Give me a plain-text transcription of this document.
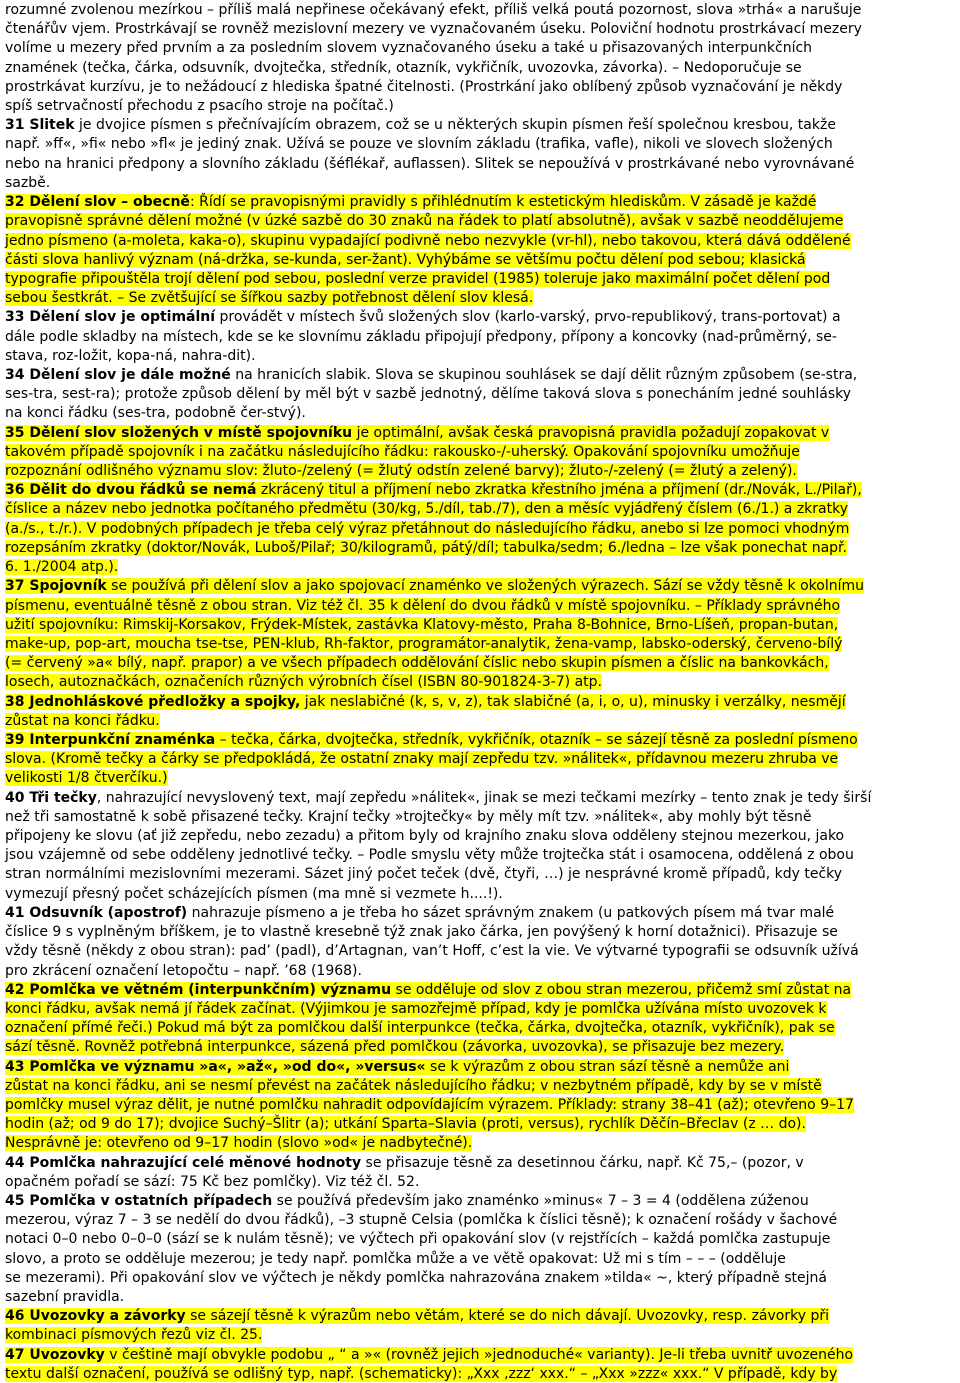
rozumné zvolenou mezírkou – příliš malá nepřinese očekávaný efekt, příliš velká poutá pozornost, slova »trhá« a narušuje
čtenářův vjem. Prostrkávají se rovněž mezislovní mezery ve vyznačovaném úseku. Poloviční hodnotu prostrkávací mezery
volíme u mezery před prvním a za posledním slovem vyznačovaného úseku a také u přisazovaných interpunkčních
znamének (tečka, čárka, odsuvník, dvojtečka, středník, otazník, vykřičník, uvozovka, závorka). – Nedoporučuje se
prostrkávat kurzívu, je to nežádoucí z hlediska špatné čitelnosti. (Prostrkání jako oblíbený způsob vyznačování je někdy
spíš setrvačností přechodu z psacího stroje na počítač.)
31 Slitek je dvojice písmen s přečnívajícím obrazem, což se u některých skupin písmen řeší společnou kresbou, takže
např. »ff«, »fi« nebo »fl« je jediný znak. Užívá se pouze ve slovním základu (trafika, vafle), nikoli ve slovech složených
nebo na hranici předpony a slovního základu (šéflékař, auflassen). Slitek se nepoužívá v prostrkávané nebo vyrovnávané
sazbě.
32 Dělení slov – obecně: Řídí se pravopisnými pravidly s přihlédnutím k estetickým hlediskům. V zásadě je každé
pravopisně správné dělení možné (v úzké sazbě do 30 znaků na řádek to platí absolutně), avšak v sazbě neoddělujeme
jedno písmeno (a-moleta, kaka-o), skupinu vypadající podivně nebo nezvykle (vr-hl), nebo takovou, která dává oddělené
části slova hanlivý význam (ná-držka, se-kunda, ser-žant). Vyhýbáme se většímu počtu dělení pod sebou; klasická
typografie připouštěla trojí dělení pod sebou, poslední verze pravidel (1985) toleruje jako maximální počet dělení pod
sebou šestkrát. – Se zvětšující se šířkou sazby potřebnost dělení slov klesá.
33 Dělení slov je optimální provádět v místech švů složených slov (karlo-varský, prvo-republikový, trans-portovat) a
dále podle skladby na místech, kde se ke slovnímu základu připojují předpony, přípony a koncovky (nad-průměrný, se-
stava, roz-ložit, kopa-ná, nahra-dit).
34 Dělení slov je dále možné na hranicích slabik. Slova se skupinou souhlásek se dají dělit různým způsobem (se-stra,
ses-tra, sest-ra); protože způsob dělení by měl být v sazbě jednotný, dělíme taková slova s ponecháním jedné souhlásky
na konci řádku (ses-tra, podobně čer-stvý).
35 Dělení slov složených v místě spojovníku je optimální, avšak česká pravopisná pravidla požadují zopakovat v
takovém případě spojovník i na začátku následujícího řádku: rakousko-/-uherský. Opakování spojovníku umožňuje
rozpoznání odlišného významu slov: žluto-/zelený (= žlutý odstín zelené barvy); žluto-/-zelený (= žlutý a zelený).
36 Dělit do dvou řádků se nemá zkrácený titul a příjmení nebo zkratka křestního jména a příjmení (dr./Novák, L./Pilař),
číslice a název nebo jednotka počítaného předmětu (30/kg, 5./díl, tab./7), den a měsíc vyjádřený číslem (6./1.) a zkratky
(a./s., t./r.). V podobných případech je třeba celý výraz přetáhnout do následujícího řádku, anebo si lze pomoci vhodným
rozepsáním zkratky (doktor/Novák, Luboš/Pilař; 30/kilogramů, pátý/díl; tabulka/sedm; 6./ledna – lze však ponechat např.
6. 1./2004 atp.).
37 Spojovník se používá při dělení slov a jako spojovací znaménko ve složených výrazech. Sází se vždy těsně k okolnímu
písmenu, eventuálně těsně z obou stran. Viz též čl. 35 k dělení do dvou řádků v místě spojovníku. – Příklady správného
užití spojovníku: Rimskij-Korsakov, Frýdek-Místek, zastávka Klatovy-město, Praha 8-Bohnice, Brno-Líšeň, propan-butan,
make-up, pop-art, moucha tse-tse, PEN-klub, Rh-faktor, programátor-analytik, žena-vamp, labsko-oderský, červeno-bílý
(= červený »a« bílý, např. prapor) a ve všech případech oddělování číslic nebo skupin písmen a číslic na bankovkách,
losech, autoznačkách, označeních různých výrobních čísel (ISBN 80-901824-3-7) atp.
38 Jednohláskové předložky a spojky, jak neslabičné (k, s, v, z), tak slabičné (a, i, o, u), minusky i verzálky, nesmějí
zůstat na konci řádku.
39 Interpunkční znaménka – tečka, čárka, dvojtečka, středník, vykřičník, otazník – se sázejí těsně za poslední písmeno
slova. (Kromě tečky a čárky se předpokládá, že ostatní znaky mají zepředu tzv. »nálitek«, přídavnou mezeru zhruba ve
velikosti 1/8 čtverčíku.)
40 Tři tečky, nahrazující nevyslovený text, mají zepředu »nálitek«, jinak se mezi tečkami mezírky – tento znak je tedy širší
než tři samostatně k sobě přisazené tečky. Krajní tečky »trojtečky« by měly mít tzv. »nálitek«, aby mohly být těsně
připojeny ke slovu (ať již zepředu, nebo zezadu) a přitom byly od krajního znaku slova odděleny stejnou mezerkou, jako
jsou vzájemně od sebe odděleny jednotlivé tečky. – Podle smyslu věty může trojtečka stát i osamocena, oddělená z obou
stran normálními mezislovními mezerami. Sázet jiný počet teček (dvě, čtyři, …) je nesprávné kromě případů, kdy tečky
vymezují přesný počet scházejících písmen (ma mně si vezmete h....!).
41 Odsuvník (apostrof) nahrazuje písmeno a je třeba ho sázet správným znakem (u patkových písem má tvar malé
číslice 9 s vyplněným bříškem, je to vlastně kresebně týž znak jako čárka, jen povýšený k horní dotažnici). Přisazuje se
vždy těsně (někdy z obou stran): pad’ (padl), d’Artagnan, van’t Hoff, c’est la vie. Ve výtvarné typografii se odsuvník užívá
pro zkrácení označení letopočtu – např. ’68 (1968).
42 Pomlčka ve větném (interpunkčním) významu se odděluje od slov z obou stran mezerou, přičemž smí zůstat na
konci řádku, avšak nemá jí řádek začínat. (Výjimkou je samozřejmě případ, kdy je pomlčka užívána místo uvozovek k
označení přímé řeči.) Pokud má být za pomlčkou další interpunkce (tečka, čárka, dvojtečka, otazník, vykřičník), pak se
sází těsně. Rovněž potřebná interpunkce, sázená před pomlčkou (závorka, uvozovka), se přisazuje bez mezery.
43 Pomlčka ve významu »a«, »až«, »od do«, »versus« se k výrazům z obou stran sází těsně a nemůže ani
zůstat na konci řádku, ani se nesmí převést na začátek následujícího řádku; v nezbytném případě, kdy by se v místě
pomlčky musel výraz dělit, je nutné pomlčku nahradit odpovídajícím výrazem. Příklady: strany 38–41 (až); otevřeno 9–17
hodin (až; od 9 do 17); dvojice Suchý–Šlitr (a); utkání Sparta–Slavia (proti, versus), rychlík Děčín–Břeclav (z … do).
Nesprávně je: otevřeno od 9–17 hodin (slovo »od« je nadbytečné).
44 Pomlčka nahrazující celé měnové hodnoty se přisazuje těsně za desetinnou čárku, např. Kč 75,– (pozor, v
opačném pořadí se sází: 75 Kč bez pomlčky). Viz též čl. 52.
45 Pomlčka v ostatních případech se používá především jako znaménko »minus« 7 – 3 = 4 (oddělena zúženou
mezerou, výraz 7 – 3 se nedělí do dvou řádků), –3 stupně Celsia (pomlčka k číslici těsně); k označení rošády v šachové
notaci 0–0 nebo 0–0–0 (sází se k nulám těsně); ve výčtech při opakování slov (v rejstřících – každá pomlčka zastupuje
slovo, a proto se odděluje mezerou; je tedy např. pomlčka může a ve větě opakovat: Už mi s tím – – – (odděluje
se mezerami). Při opakování slov ve výčtech je někdy pomlčka nahrazována znakem »tilda« ~, který případně stejná
sazební pravidla.
46 Uvozovky a závorky se sázejí těsně k výrazům nebo větám, které se do nich dávají. Uvozovky, resp. závorky při
kombinaci písmových řezů viz čl. 25.
47 Uvozovky v češtině mají obvykle podobu „ “ a »« (rovněž jejich »jednoduché« varianty). Je-li třeba uvnitř uvozeného
textu další označení, používá se odlišný typ, např. (schematicky): „Xxx ‚zzz‘ xxx.“ – „Xxx »zzz« xxx.“ V případě, kdy by
